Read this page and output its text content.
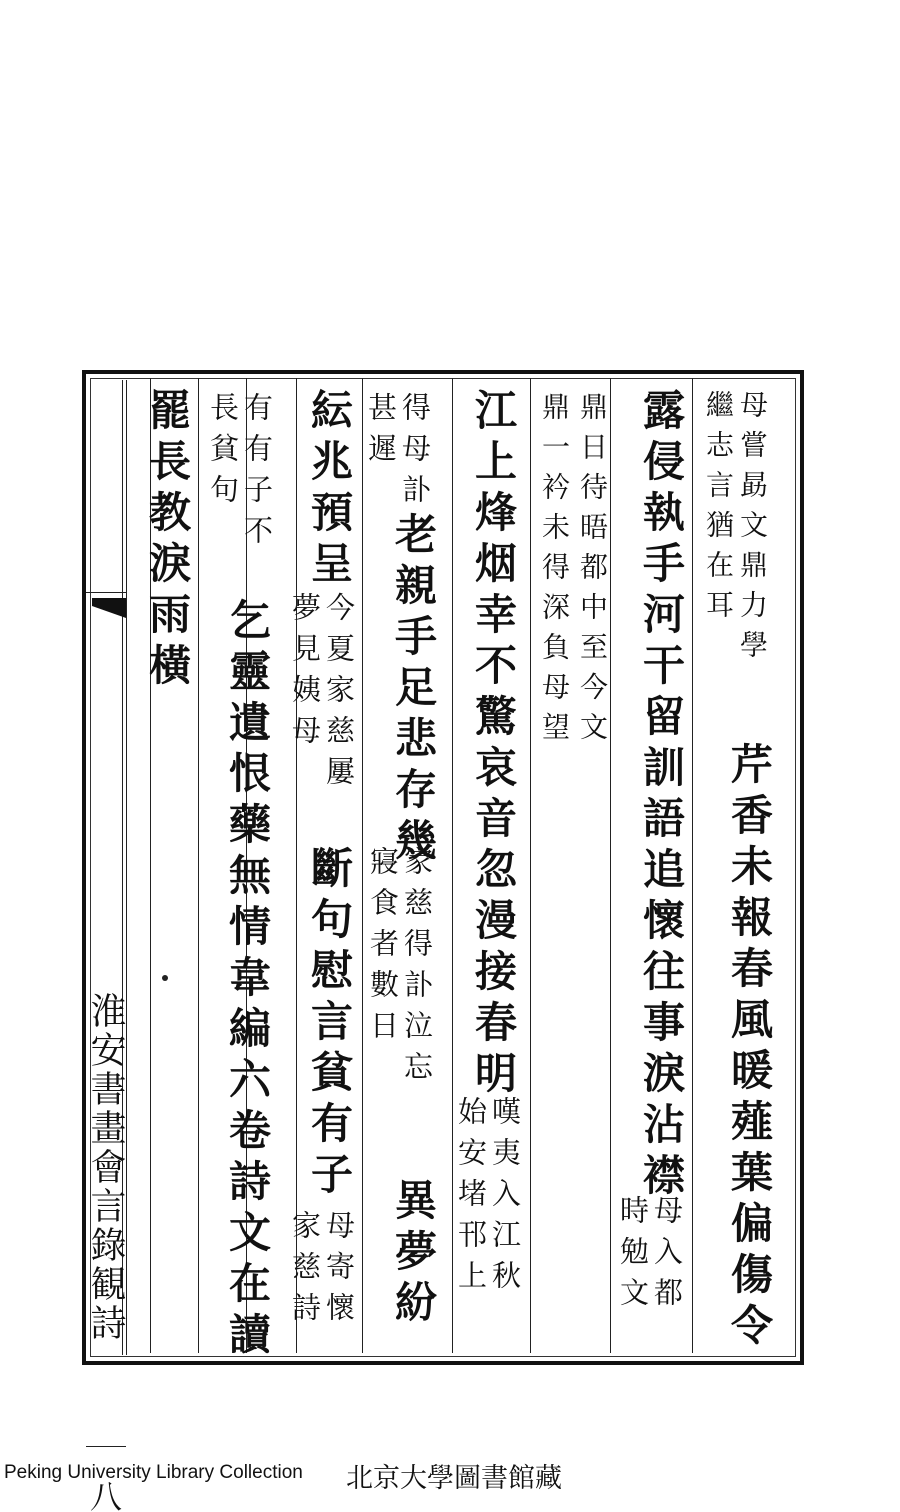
淮安書畫會言錄観詩
八
母嘗勗文鼎力學
芹香未報春風暖薤葉偏傷令
繼志言猶在耳
露侵執手河干留訓語追懷往事淚沾襟
母入都
時勉文
鼎日待晤都中至今文
鼎一衿未得深負母望
江上烽烟幸不驚哀音忽漫接春明
嘆夷入江秋
始安堵邗上
得母訃
甚遲
老親手足悲存幾
家慈得訃泣忘
寢食者數日
異夢紛
紜兆預呈
今夏家慈屢
夢見姨母
斷句慰言貧有子
母寄懷
家慈詩
有有子不
長貧句
乞靈遺恨藥無情韋編六卷詩文在讀
罷長教淚雨橫
Peking University Library Collection 北京大學圖書館藏
